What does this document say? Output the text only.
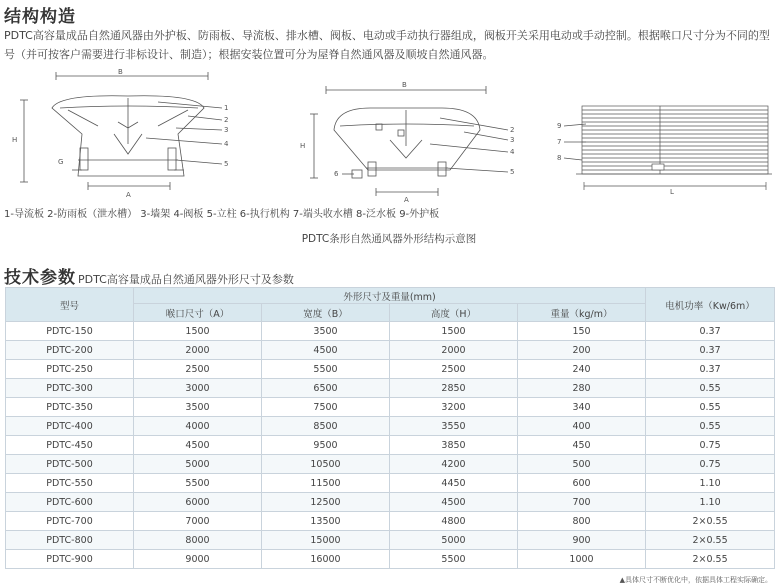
结构构造
PDTC高容量成品自然通风器由外护板、防雨板、导流板、排水槽、阀板、电动或手动执行器组成，阀板开关采用电动或手动控制。根据喉口尺寸分为不同的型号（并可按客户需要进行非标设计、制造）；根据安装位置可分为屋脊自然通风器及顺坡自然通风器。
B
H
A
G
1
2
3
4
5
B
H
A
2
3
4
5
6
L
9
7
8
1-导流板 2-防雨板（泄水槽） 3-墙架 4-阀板 5-立柱 6-执行机构 7-端头收水槽 8-泛水板 9-外护板
PDTC条形自然通风器外形结构示意图
技术参数 PDTC高容量成品自然通风器外形尺寸及参数
型号	外形尺寸及重量(mm)				电机功率（Kw/6m）
	喉口尺寸（A）	宽度（B）	高度（H）	重量（kg/m）	
PDTC-150	1500	3500	1500	150	0.37
PDTC-200	2000	4500	2000	200	0.37
PDTC-250	2500	5500	2500	240	0.37
PDTC-300	3000	6500	2850	280	0.55
PDTC-350	3500	7500	3200	340	0.55
PDTC-400	4000	8500	3550	400	0.55
PDTC-450	4500	9500	3850	450	0.75
PDTC-500	5000	10500	4200	500	0.75
PDTC-550	5500	11500	4450	600	1.10
PDTC-600	6000	12500	4500	700	1.10
PDTC-700	7000	13500	4800	800	2×0.55
PDTC-800	8000	15000	5000	900	2×0.55
PDTC-900	9000	16000	5500	1000	2×0.55
▲具体尺寸不断优化中，依据具体工程实际确定。
